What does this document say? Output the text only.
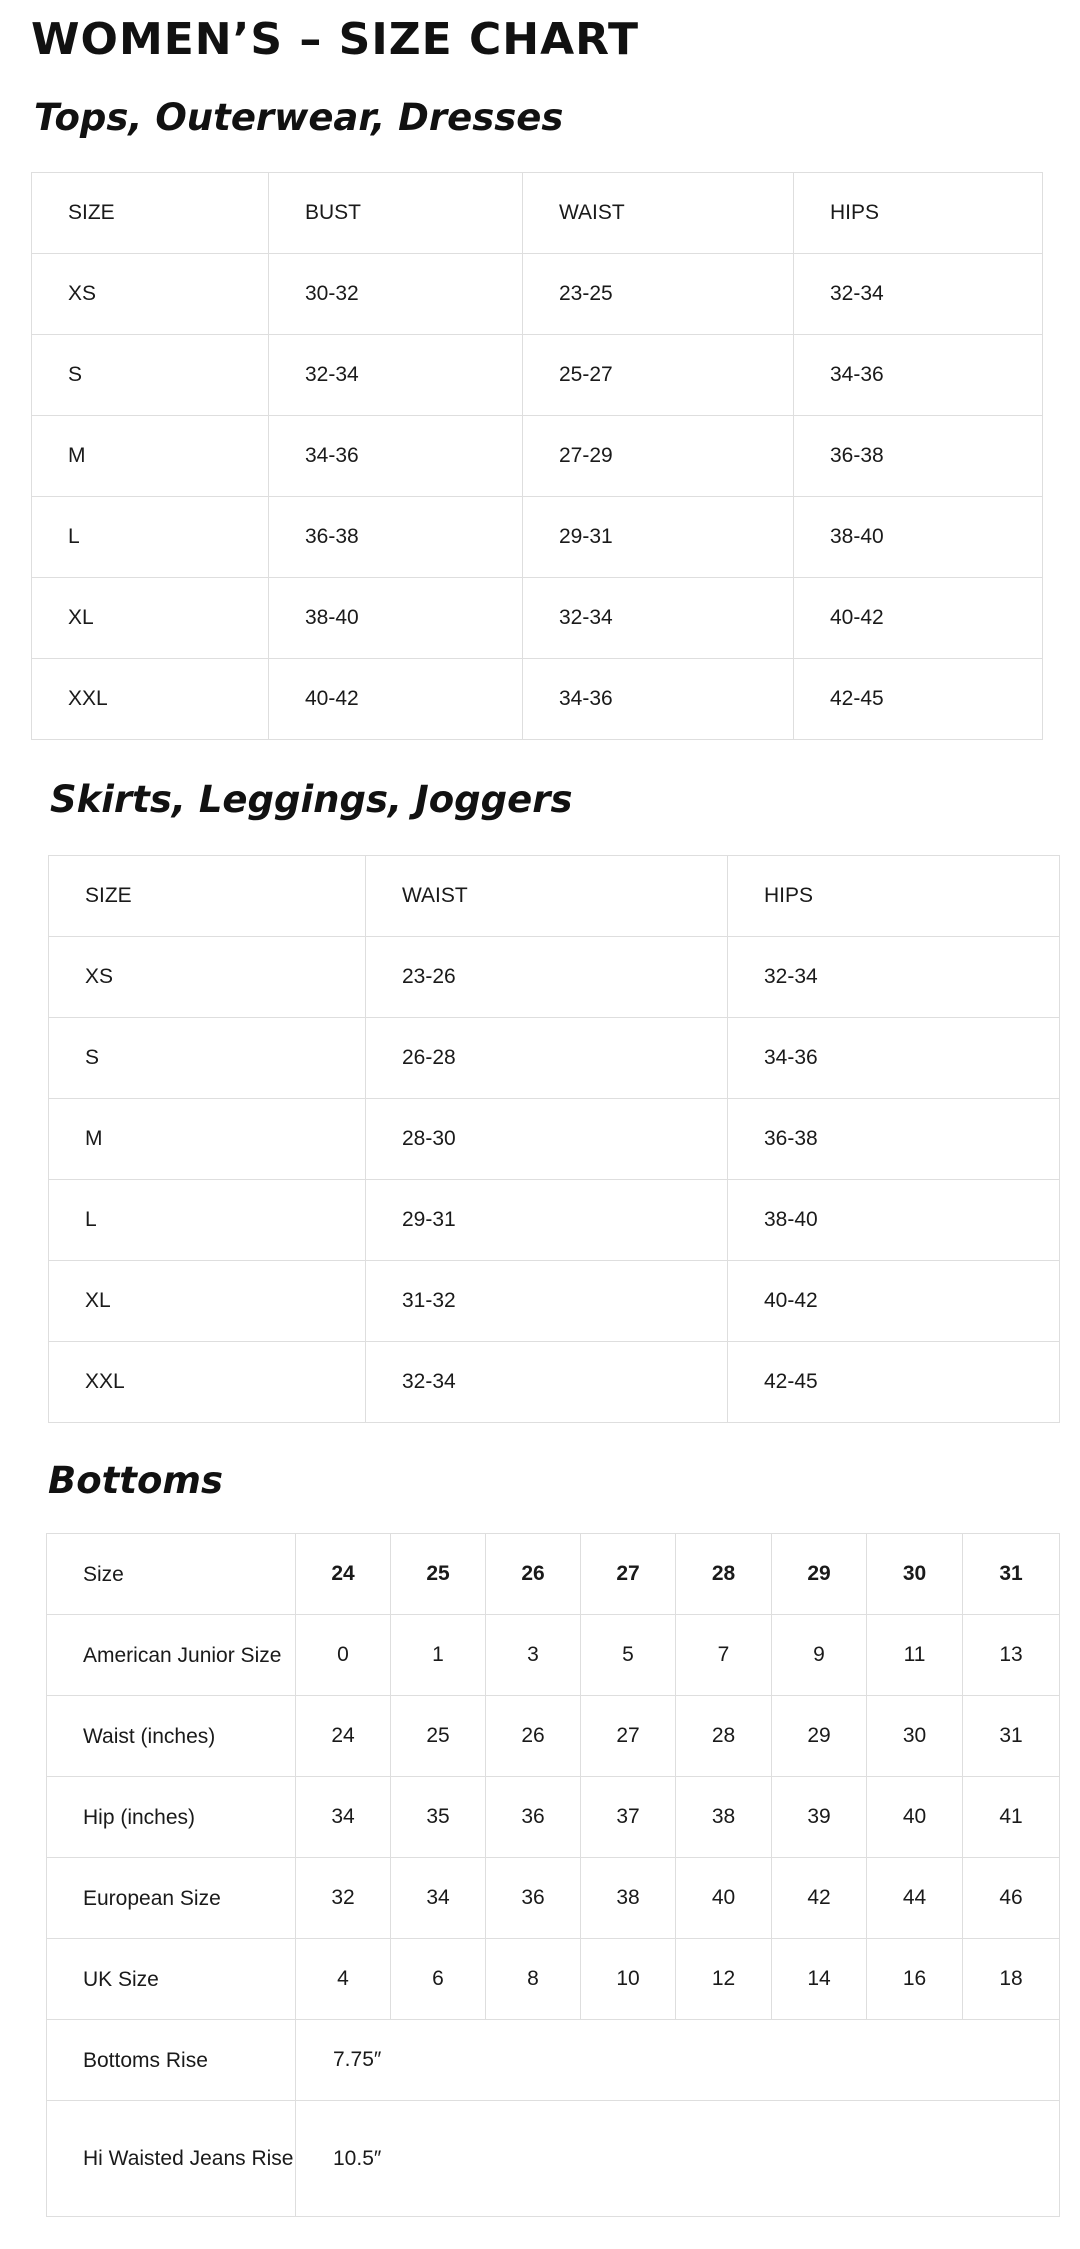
WOMEN’S – SIZE CHART
Tops, Outerwear, Dresses
SIZE	BUST	WAIST	HIPS
XS	30-32	23-25	32-34
S	32-34	25-27	34-36
M	34-36	27-29	36-38
L	36-38	29-31	38-40
XL	38-40	32-34	40-42
XXL	40-42	34-36	42-45
Skirts, Leggings, Joggers
SIZE	WAIST	HIPS
XS	23-26	32-34
S	26-28	34-36
M	28-30	36-38
L	29-31	38-40
XL	31-32	40-42
XXL	32-34	42-45
Bottoms
Size	24	25	26	27	28	29	30	31
American Junior Size	0	1	3	5	7	9	11	13
Waist (inches)	24	25	26	27	28	29	30	31
Hip (inches)	34	35	36	37	38	39	40	41
European Size	32	34	36	38	40	42	44	46
UK Size	4	6	8	10	12	14	16	18
Bottoms Rise	7.75″							
Hi Waisted Jeans Rise	10.5″							
